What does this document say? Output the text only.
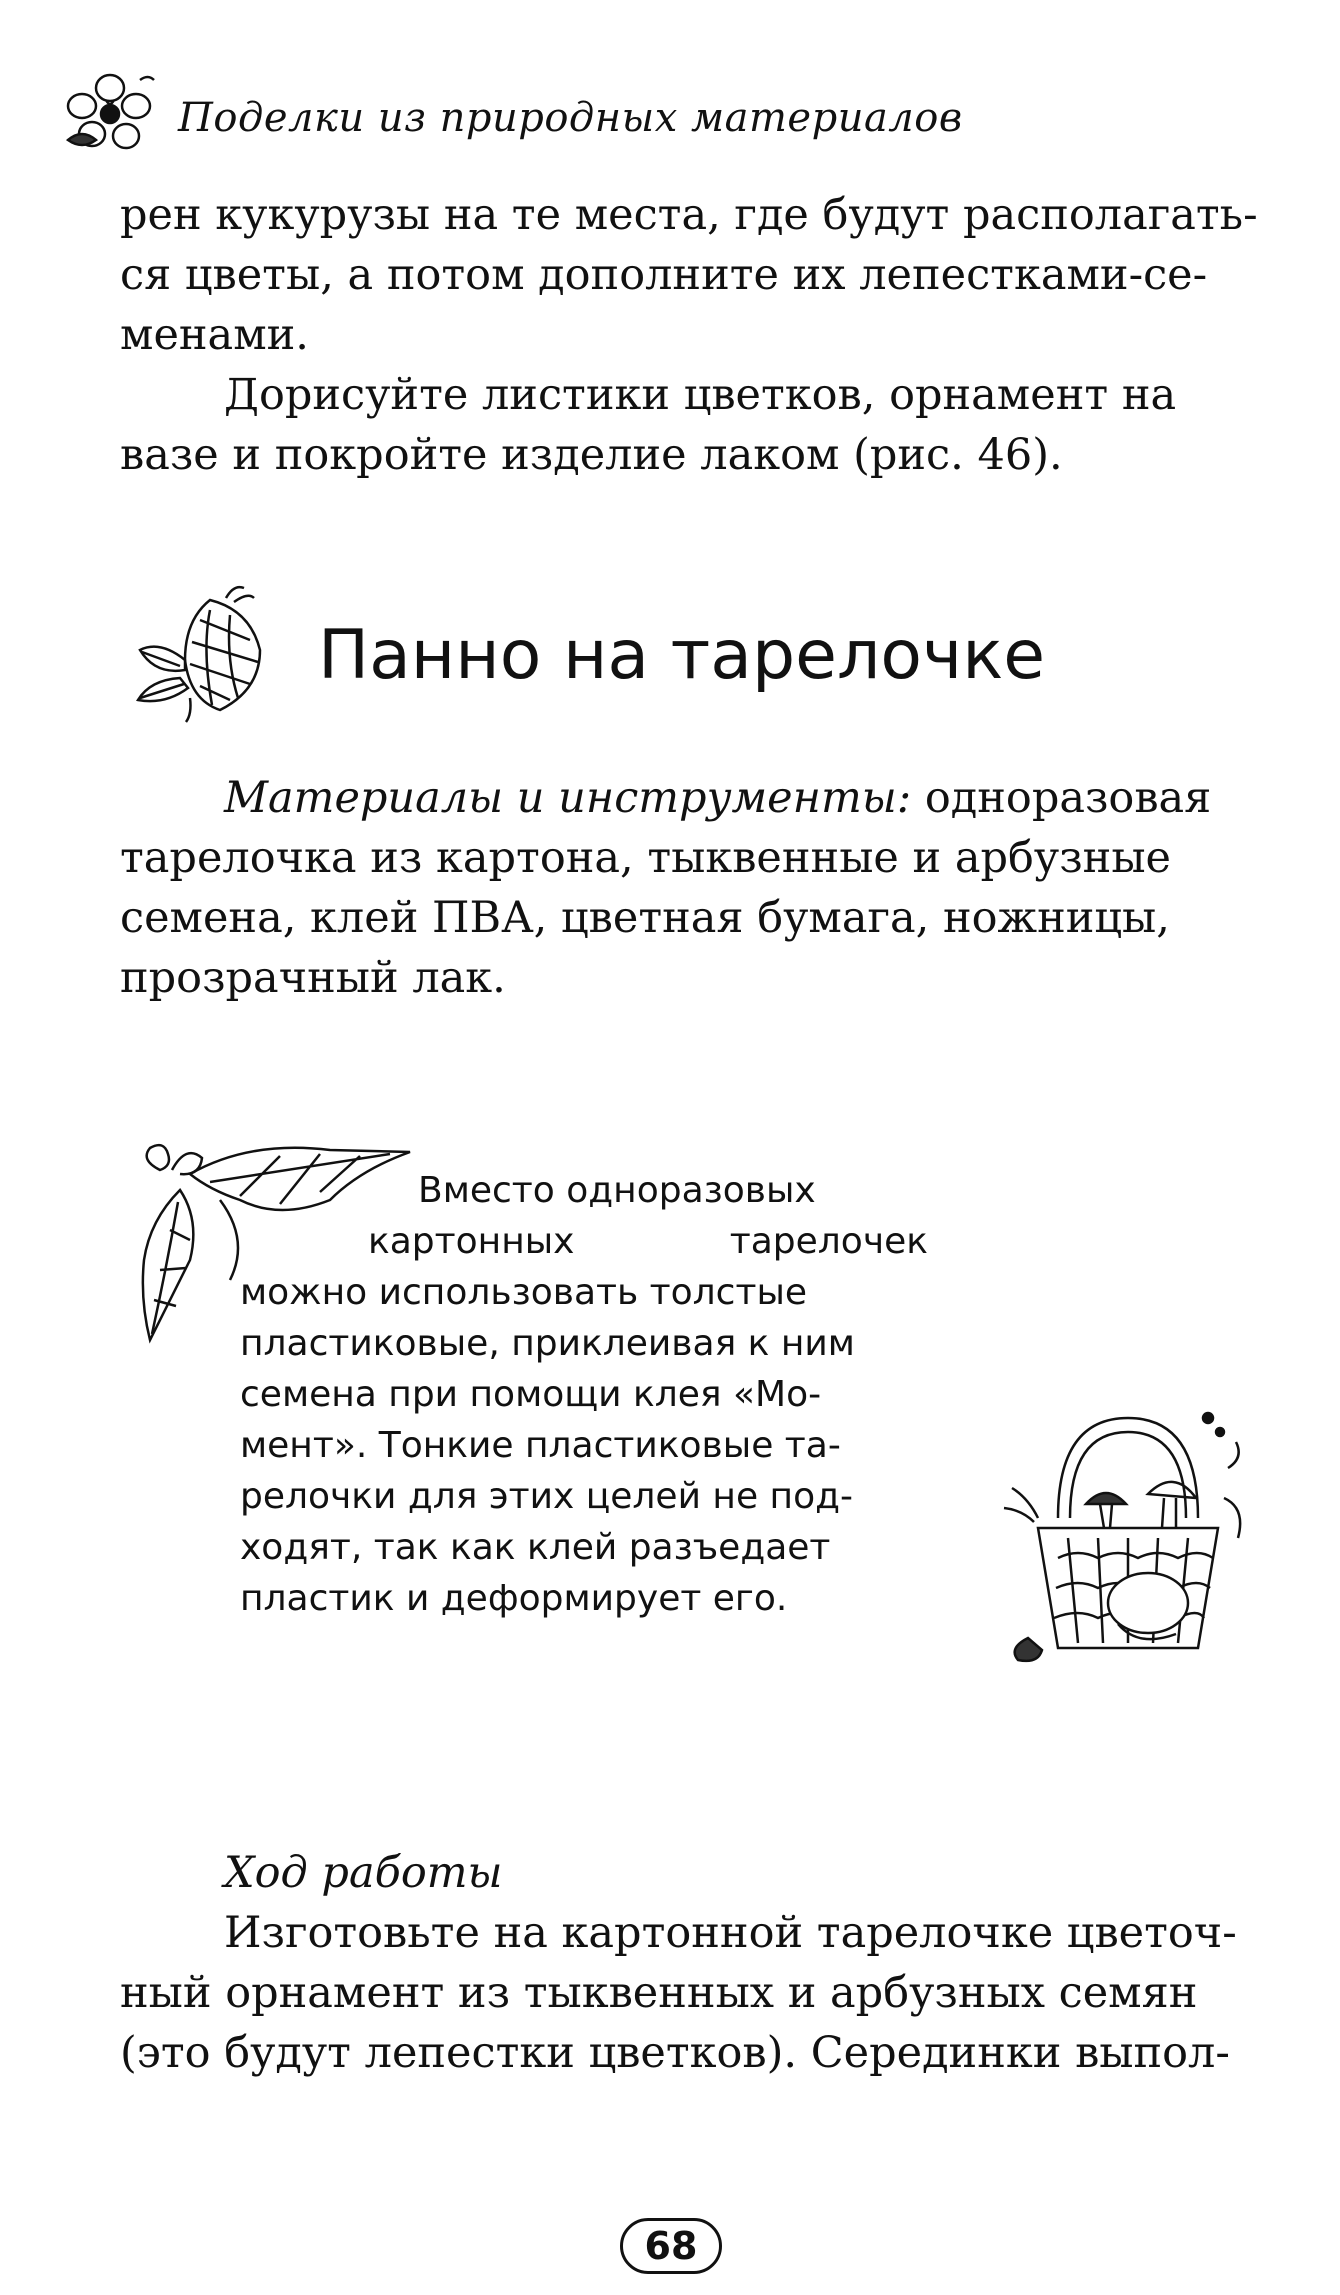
Поделки из природных материалов
рен кукурузы на те места, где будут располагать-
ся цветы, а потом дополните их лепестками-се-
менами.
Дорисуйте листики цветков, орнамент на
вазе и покройте изделие лаком (рис. 46).
Панно на тарелочке
Материалы и инструменты: одноразовая
тарелочка из картона, тыквенные и арбузные
семена, клей ПВА, цветная бумага, ножницы,
прозрачный лак.
Вместо одноразовых
картонных	тарелочек
можно использовать толстые
пластиковые, приклеивая к ним
семена при помощи клея «Мо-
мент». Тонкие пластиковые та-
релочки для этих целей не под-
ходят, так как клей разъедает
пластик и деформирует его.
Ход работы
Изготовьте на картонной тарелочке цветоч-
ный орнамент из тыквенных и арбузных семян
(это будут лепестки цветков). Серединки выпол-
68
